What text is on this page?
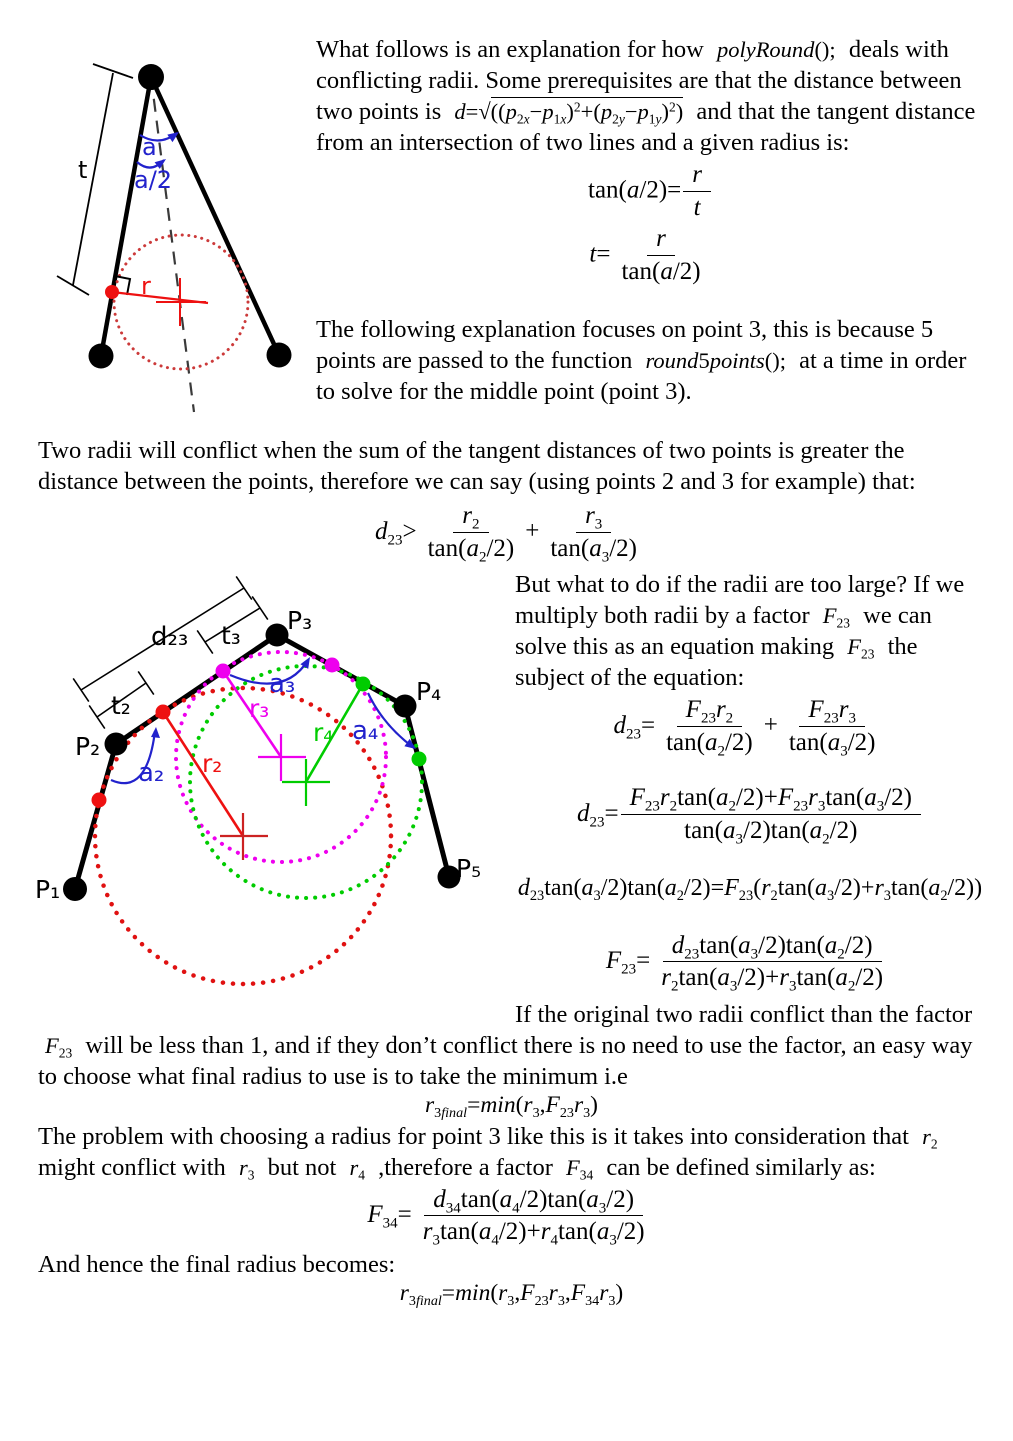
t
a
a/2
r

What follows is an explanation for how polyRound(); deals with conflicting radii. Some prerequisites are that the distance between two points is $d=√((p_{2x}-p_{1x})^2+(p_{2y}-p_{1y})^2)$ and that the tangent distance from an intersection of two lines and a given radius is:

$\tan(a/2)= \frac{r}{t}$
$t= \frac{r}{\tan(a/2)}$

The following explanation focuses on point 3, this is because 5 points are passed to the function round5points(); at a time in order to solve for the middle point (point 3).

Two radii will conflict when the sum of the tangent distances of two points is greater the distance between the points, therefore we can say (using points 2 and 3 for example) that:

$d_{23}> \frac{r_2}{\tan(a_2/2)} + \frac{r_3}{\tan(a_3/2)}$
P₁
P₂
P₃
P₄
P₅
d₂₃
t₂
t₃
a₂
a₃
a₄
r₂
r₃
r₄

But what to do if the radii are too large? If we multiply both radii by a factor $F_{23}$ we can solve this as an equation making $F_{23}$ the subject of the equation:

$d_{23}= \frac{F_{23}r_2}{\tan(a_2/2)} + \frac{F_{23}r_3}{\tan(a_3/2)}$
$d_{23}= \frac{F_{23}r_2\tan(a_2/2)+F_{23}r_3\tan(a_3/2)}{\tan(a_3/2)\tan(a_2/2)}$
$d_{23}\tan(a_3/2)\tan(a_2/2)=F_{23}(r_2\tan(a_3/2)+r_3\tan(a_2/2))$
$F_{23}= \frac{d_{23}\tan(a_3/2)\tan(a_2/2)}{r_2\tan(a_3/2)+r_3\tan(a_2/2)}$

If the original two radii conflict than the factor $F_{23}$ will be less than 1, and if they don’t conflict there is no need to use the factor, an easy way to choose what final radius to use is to take the minimum i.e

$r_{3final}=\min(r_3,F_{23}r_3)$

The problem with choosing a radius for point 3 like this is it takes into consideration that $r_2$ might conflict with $r_3$ but not $r_4$ ,therefore a factor $F_{34}$ can be defined similarly as:

$F_{34}= \frac{d_{34}\tan(a_4/2)\tan(a_3/2)}{r_3\tan(a_4/2)+r_4\tan(a_3/2)}$

And hence the final radius becomes:

$r_{3final}=\min(r_3,F_{23}r_3,F_{34}r_3)$
